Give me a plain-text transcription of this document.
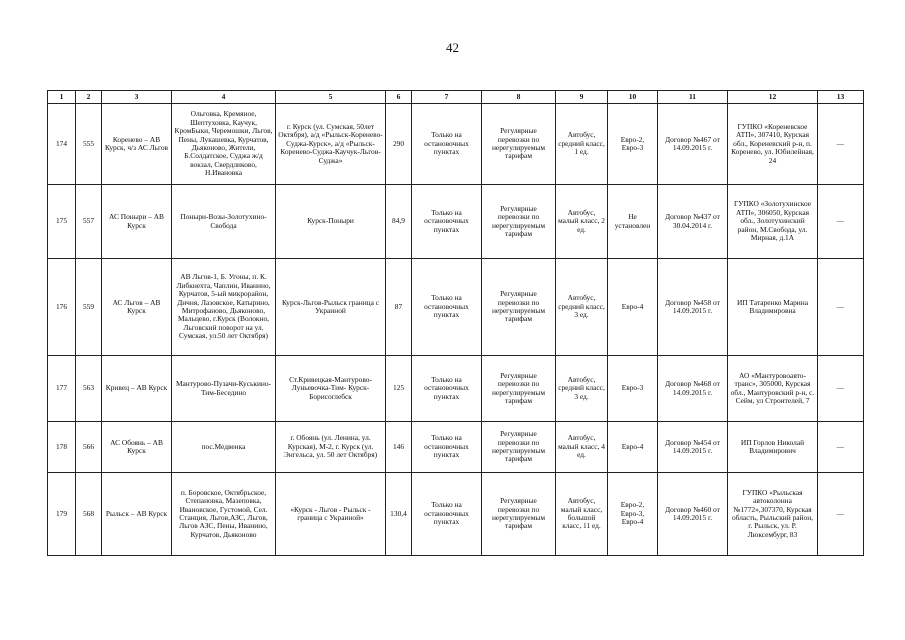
42
1	2	3	4	5	6	7	8	9	10	11	12	13
174	555	Коренево – АВ Курск, ч/з АС Льгов	Ольговка, Кремяное, Шептуховка, Каучук, КромБыки, Черемошки, Льгов, Пены, Лукашевка, Курчатов, Дьяконово, Жители, Б.Солдатское, Суджа ж/д вокзал, Свердликово, Н.Ивановка	г. Курск (ул. Сумская, 50лет Октября), а/д «Рыльск-Коренево-Суджа-Курск», а/д «Рыльск-Коренево-Суджа-Каучук-Льгов-Суджа»	290	Только на остановочных пунктах	Регулярные перевозки по нерегулируемым тарифам	Автобус, средний класс, 1 ед.	Евро-2, Евро-3	Договор №467 от 14.09.2015 г.	ГУПКО «Кореневское АТП», 307410, Курская обл., Кореневский р-н, п. Коренево, ул. Юбилейная, 24	—
175	557	АС Поныри – АВ Курск	Поныри-Возы-Золотухино-Свобода	Курск-Поныри	84,9	Только на остановочных пунктах	Регулярные перевозки по нерегулируемым тарифам	Автобус, малый класс, 2 ед.	Не установлен	Договор №437 от 30.04.2014 г.	ГУПКО «Золотухинское АТП», 306050, Курская обл., Золотухинский район, М.Свобода, ул. Мирная, д.1А	—
176	559	АС Льгов – АВ Курск	АВ Льгов-1, Б. Угоны, п. К. Либкнехта, Чаплин, Иванино, Курчатов, 5-ый микрорайон, Дичня, Лазовское, Катырино, Митрофаново, Дьяконово, Мальцево, г.Курск (Волокно, Льговский поворот на ул. Сумская, ул.50 лет Октября)	Курск-Льгов-Рыльск граница с Украиной	87	Только на остановочных пунктах	Регулярные перевозки по нерегулируемым тарифам	Автобус, средний класс, 3 ед.	Евро-4	Договор №458 от 14.09.2015 г.	ИП Татаренко Марина Владимировна	—
177	563	Кривец – АВ Курск	Мантурово-Пузачи-Куськино-Тим-Беседино	Ст.Кривецкая-Мантурово-Луньевочка-Тим- Курск-Борисоглебск	125	Только на остановочных пунктах	Регулярные перевозки по нерегулируемым тарифам	Автобус, средний класс, 3 ед.	Евро-3	Договор №468 от 14.09.2015 г.	АО «Мантуровоавто-транс», 305000, Курская обл., Мантуровский р-н, с. Сейм, ул Строителей, 7	—
178	566	АС Обоянь – АВ Курск	пос.Медвенка	г. Обоянь (ул. Ленина, ул. Курская), М-2, г. Курск (ул. Энгельса, ул. 50 лет Октября)	146	Только на остановочных пунктах	Регулярные перевозки по нерегулируемым тарифам	Автобус, малый класс, 4 ед.	Евро-4	Договор №454 от 14.09.2015 г.	ИП Горлов Николай Владимирович	—
179	568	Рыльск – АВ Курск	п. Боровское, Октябрьское, Степановка, Мазеповка, Ивановское, Густомой, Сел. Станция, Льгов,АЗС, Льгов, Льгов АЗС, Пены, Иванино, Курчатов, Дьяконово	«Курск - Льгов - Рыльск - граница с Украиной»	130,4	Только на остановочных пунктах	Регулярные перевозки по нерегулируемым тарифам	Автобус, малый класс, большой класс, 11 ед.	Евро-2, Евро-3, Евро-4	Договор №460 от 14.09.2015 г.	ГУПКО «Рыльская автоколонна №1772»,307370, Курская область, Рыльский район, г. Рыльск, ул. Р. Люксембург, 83	—
